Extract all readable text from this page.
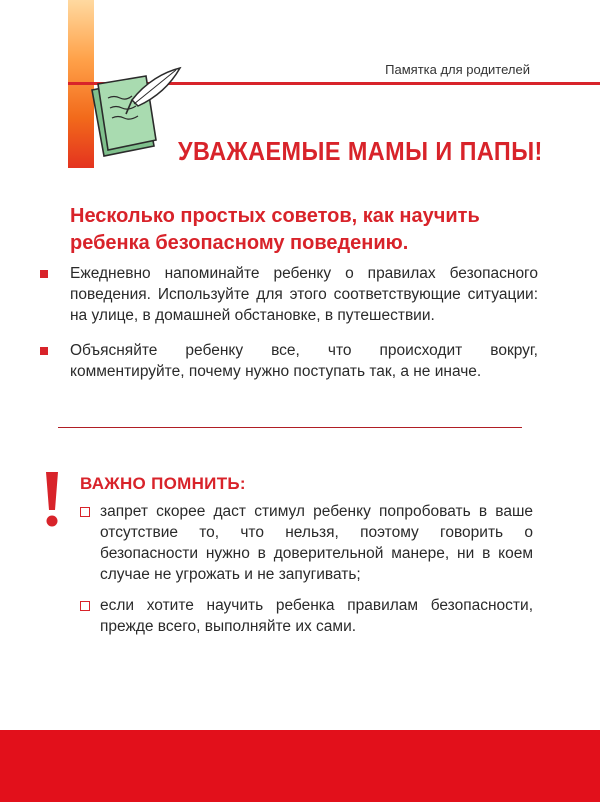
Памятка для родителей
УВАЖАЕМЫЕ МАМЫ И ПАПЫ!
Несколько простых советов, как научить ребенка безопасному поведению.
Ежедневно напоминайте ребенку о правилах безопасного поведения. Используйте для этого соответствующие ситуации: на улице, в домашней обстановке, в путешествии.
Объясняйте ребенку все, что происходит вокруг, комментируйте, почему нужно поступать так, а не иначе.
ВАЖНО ПОМНИТЬ:
запрет скорее даст стимул ребенку попробовать в ваше отсутствие то, что нельзя, поэтому говорить о безопасности нужно в доверительной манере, ни в коем случае не угрожать и не запугивать;
если хотите научить ребенка правилам безопасности, прежде всего, выполняйте их сами.
